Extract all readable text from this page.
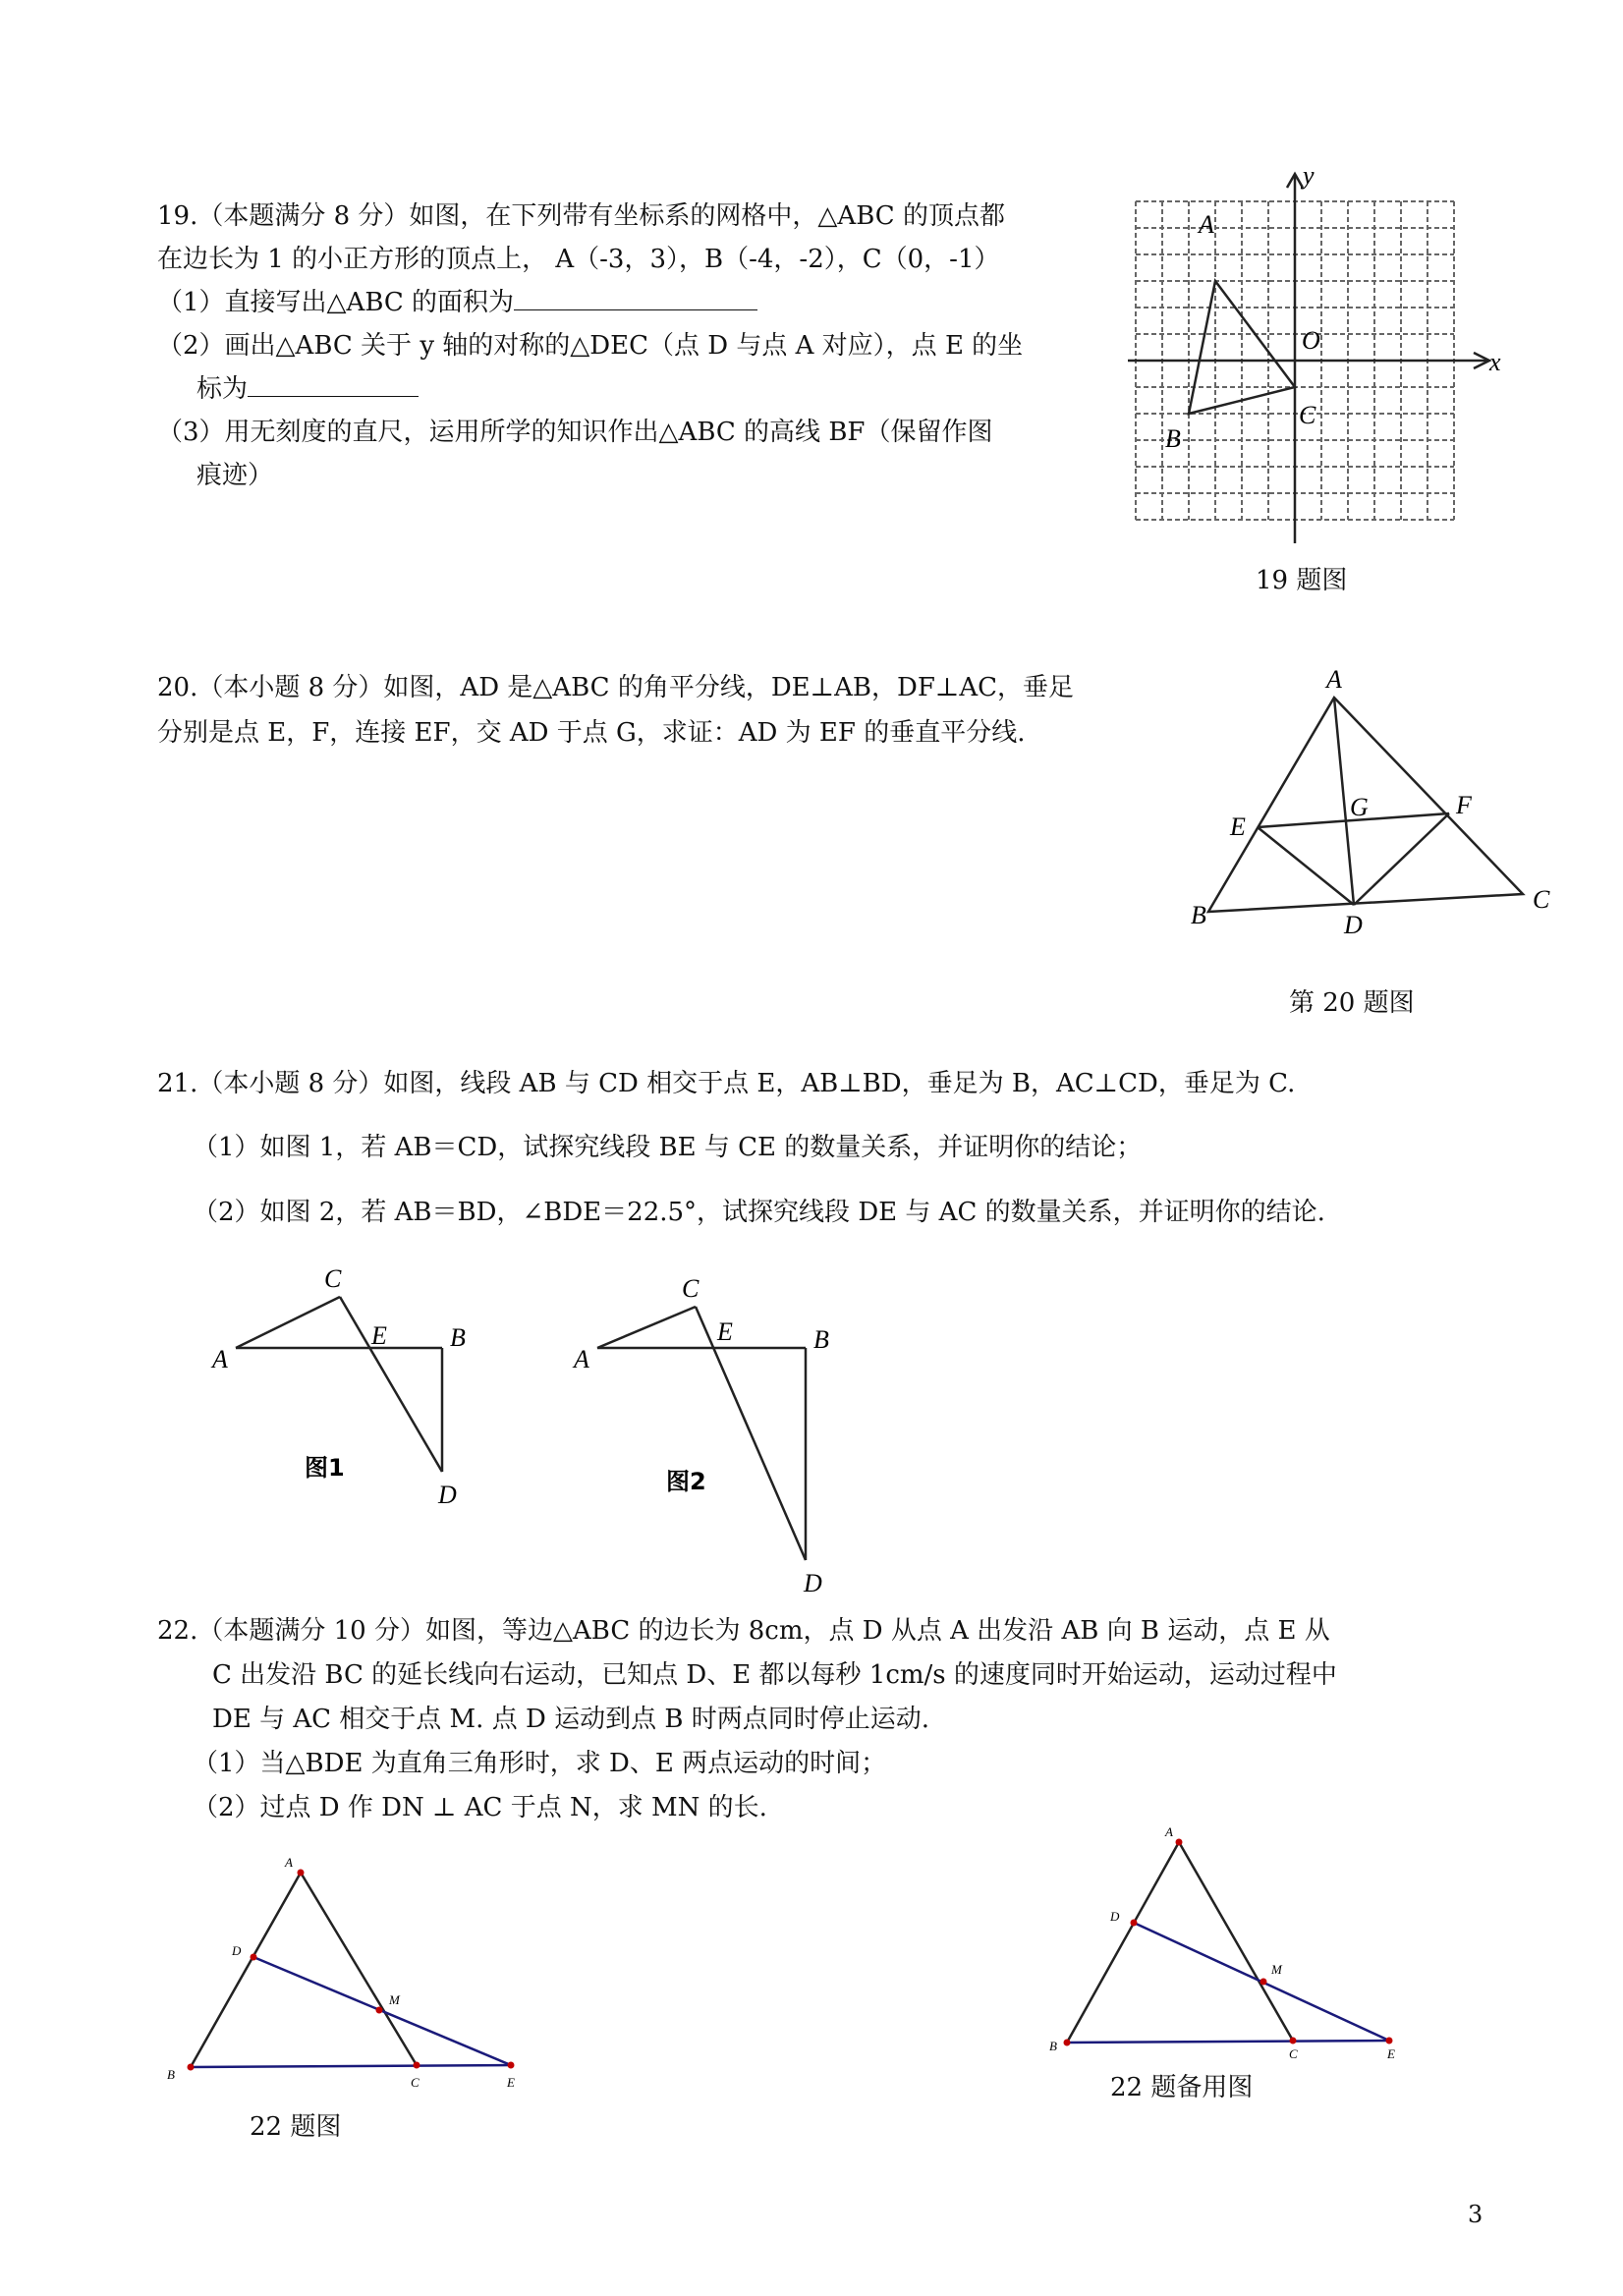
19.（本题满分 8 分）如图，在下列带有坐标系的网格中，△ABC 的顶点都
在边长为 1 的小正方形的顶点上， A（-3，3），B（-4，-2），C（0，-1）
（1）直接写出△ABC 的面积为
（2）画出△ABC 关于 y 轴的对称的△DEC（点 D 与点 A 对应），点 E 的坐
标为
（3）用无刻度的直尺，运用所学的知识作出△ABC 的高线 BF（保留作图
痕迹）
y
x
O
A
B
C
19 题图
20.（本小题 8 分）如图，AD 是△ABC 的角平分线，DE⊥AB，DF⊥AC，垂足
分别是点 E，F，连接 EF，交 AD 于点 G，求证：AD 为 EF 的垂直平分线.
A
B
C
D
E
F
G
第 20 题图
21.（本小题 8 分）如图，线段 AB 与 CD 相交于点 E，AB⊥BD，垂足为 B，AC⊥CD，垂足为 C.
（1）如图 1，若 AB＝CD，试探究线段 BE 与 CE 的数量关系，并证明你的结论；
（2）如图 2，若 AB＝BD，∠BDE＝22.5°，试探究线段 DE 与 AC 的数量关系，并证明你的结论.
A
C
E B
D
图1
A
C
E	B
D
图2
22.（本题满分 10 分）如图，等边△ABC 的边长为 8cm，点 D 从点 A 出发沿 AB 向 B 运动，点 E 从
C 出发沿 BC 的延长线向右运动，已知点 D、E 都以每秒 1cm/s 的速度同时开始运动，运动过程中
DE 与 AC 相交于点 M. 点 D 运动到点 B 时两点同时停止运动.
（1）当△BDE 为直角三角形时，求 D、E 两点运动的时间；
（2）过点 D 作 DN ⊥ AC 于点 N，求 MN 的长.
A
B
C
D
E
M
22 题图
A
B
C
D
E
M
22 题备用图
3
